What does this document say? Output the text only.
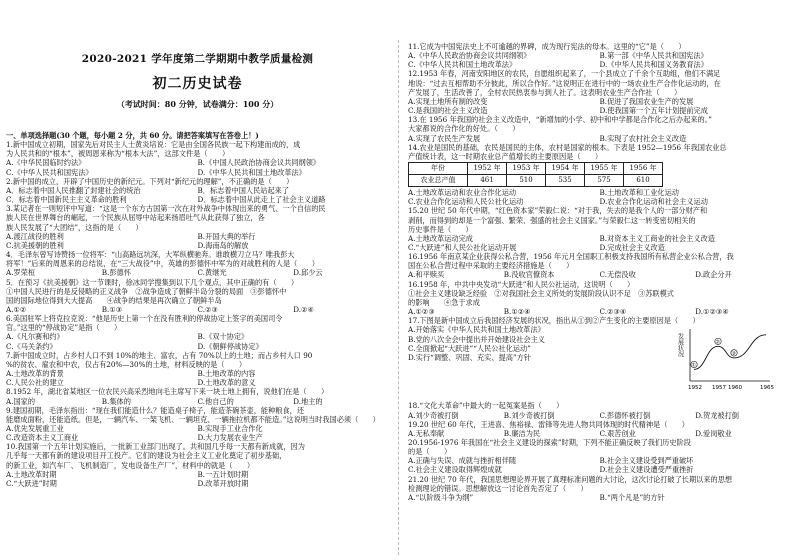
2020-2021 学年度第二学期期中教学质量检测
初二历史试卷
（考试时间：80 分钟，试卷满分：100 分）
一、单项选择题(30 个题，每小题 2 分，共 60 分。请把答案填写在答卷上！)
1.新中国成立初期，国家先后对民主人士黄炎培说：它是由全国各民族一起下构建而成的，成
为人民共和的“根本”，被周恩来称为“根本大法”，这部文件是（　　）
A.《中华民国临时约法》	B.《中国人民政治协商会议共同纲领》
C.《中华人民共和国宪法》	D.《中华人民共和国土地改革法》
2.新中国的成立，开辟了中国历史的新纪元。下列对“新纪元的理解”，不正确的是（　　）
A．标志着中国人民推翻了封建社会的统治	B．标志着中国人民站起来了
C．标志着中国新民主主义革命的胜利	D．标志着中国从此走上了社会主义道路
3.某记者在一则短评中写道：“这是一个东方古国第一次在对外战争中体现出来的勇气、一个自信的民
族人民在世界舞台的崛起，一个民族从屈辱中站起来扬眉吐气从此获得了独立，各
族人民发展了“大团结”，这指的是（　　）
A.渡江战役的胜利	B.开国大典的举行
C.抗美援朝的胜利	D.海南岛的解放
4．毛泽东曾写诗赞扬一位将军：“山高路远坑深，大军纵横驰奔。谁敢横刀立马？唯我彭大
将军！”后来的周恩来的总结说，在“三大战役”中，英雄的彭德怀中军为的对战胜利的人是（　　）
A.罗荣桓	B.彭德怀	C.黄继光	D.邱少云
5．在预习《抗美援朝》这一节课时，徐冰同学搜集到以下几个观点，其中正确的有（　　）
①中国人民进行的是反侵略的正义战争　②战争造成了朝鲜半岛分裂的局面　③彭德怀中
国的国际地位得到大大提高　　④战争的结果是再次确立了朝鲜半岛
A.①②	B.①③	C.②③	D.②④
6.美国驻军上将克拉克说：“他是历史上第一个在没有胜利的停战协定上签字的美国司令
官。”这里的“停战协定”是指（　　）
A.《凡尔赛和约》	B.《双十协定》
C.《马关条约》	D.《朝鲜停战协定》
7.新中国成立时，占乡村人口不到 10%的地主、富农，占有 70%以上的土地；而占乡村人口 90
%的贫农、雇农和中农，仅占有20%—30%的土地，材料反映的是（　　）
A.土地改革的背景	B.土地改革的内容
C.人民公社的建立	D.土地改革的意义
8.1952 年，湖北省某地区一位农民兴高采烈地向毛主席写下来一块土地上拥有，说他们在是（　　）
A.国家的	B.集体的	C.他自己的	D.地主的
9.建国初期，毛泽东指出：“现在我们能造什么？能造桌子椅子，能造茶碗茶壶，能种粮食，还
能磨成面粉，还能造纸。但是，一辆汽车、一架飞机、一辆坦克、一辆拖拉机都不能造。”这说明当时我国必须（　　）
A.优先发展重工业	B.实现手工业合作化
C.改造资本主义工商业	D.大力发展农业生产
10.我国第一个五年计划实施后，一批新工业部门出现了。共和国几乎每一天都有新成就，因为
几乎每一天都有新的建设项目开工投产。它们的建设为社会主义工业化奠定了初步基础，
的新工业，如汽车厂、飞机制造厂，发电设备生产厂”，材料中的就是（　　）
A.土地改革时期	B.一五计划时期
C.“大跃进”时期	D.改革开放时期
11.它成为中国宪法史上不可逾越的界碑，成为现行宪法的母本。这里的“它”是（　　）
A.《中华人民政治协商会议共同纲领》	B.第一部《中华人民共和国宪法》
C.《中华人民共和国土地改革法》	D.《中华人民共和国义务教育法》
12.1953 年春，河南安阳地区的农民，自愿组织起来了，一个县成立了千余个互助组，他们不满足
地说：“过去互相帮助不分彼此，所以合作好。”这说明正在进行中的一场农业生产合作化运动的，在
产发展了，生活改善了，全村农民热衷参与到人社了。这表明农业生产合作社（　　）
A.实现土地所有制的改变	B.促进了我国农业生产的发展
C.是我国的社会主义改造	D.使我国第一个五年计划提前完成
13.在 1956 年我国的社会主义改造中，“新增加的小学、初中和中学都是合作化之后办起来的。”
大家都说的合作化的好处。（　　）
A.实现了农民生产发展	B.实现了农村社会主义改造
14.农业是国民的基础，农民是国民的主体，农村是国家的根本。下表是 1952—1956 年我国农业总
产值统计表，这一时期农业总产值增长的主要原因是（　　）
年份	1952 年	1953 年	1954 年	1955 年	1956 年
农业总产值	461	510	535	575	610
A.土地改革运动和农业合作化运动	B.土地改革和工业化运动
C.农业合作化运动和人民公社化运动	D.农业合作化运动和社会主义运动
15.20 世纪 50 年代中期，“红色资本家”荣毅仁说：“对于我，失去的是我个人的一部分财产和
剥削，而得到的却是一个富强、繁荣、强盛的社会主义国家。”与荣毅仁这一转变密切相关的
历史事件是（　　）
A.土地改革运动完成	B.对资本主义工商业的社会主义改造
C.“大跃进”和人民公社化运动开展	D.完成社会主义改造
16.1956 年南京某企业获得公私合营，1956 年元月全国职工积极支持我国所有私营企业公私合营，我
国在公私合营过程中采取的主要经济措施是（　　）
A.和平赎买	B.没收官僚资本	C.无偿没收	D.政企分开
16.1958 年，中共中央发动“大跃进”和人民公社运动，这说明（　　）
①社会主义建设缺乏经验　②对我国社会主义所处的发展阶段认识不足　③苏联模式
的影响　　④急于求成
A.①②③	B.①②④	C.②③④	D.①②③④
17.下图是新中国成立后我国经济发展的状况，指出从①到②产生变化的主要原因是（　　）
A.开始落实《中华人民共和国土地改革法》
B.党的八次全会中提出并开始建设社会主义
C.全面掀起“大跃进”“人民公社化运动”
D.实行“调整、巩固、充实、提高”方针	发展状况
①
②
③
1952 1957 1960	1965
18.“文化大革命”中最大的一起冤案是指（　　）
A.刘少奇被打倒	B.刘少奇被打倒	C.彭德怀被打倒	D.贺龙被打倒
19.20 世纪 60 年代，王进喜、焦裕禄、雷锋等先进人物共同体现的时代精神是（　　）
A.无私奉献	B.廉洁为民	C.艰苦创业	D.爱岗敬业
20.1956-1976 年我国在“社会主义建设的探索”时期，下列不能正确反映了我们历史阶段
的是（　　）
A.正确与失误、成就与挫折相伴随	B.社会主义建设受到严重破坏
C.社会主义建设取得辉煌成就	D.社会主义建设遭受严重挫折
21.20 世纪 70 年代，我国思想理论界开展了真理标准问题的大讨论，这次讨论打破了长期以来的思想
检测理论的错误。思想解放这一讨论首先否定了（　　）
A.“以阶级斗争为纲”	B.“两个凡是”的方针
